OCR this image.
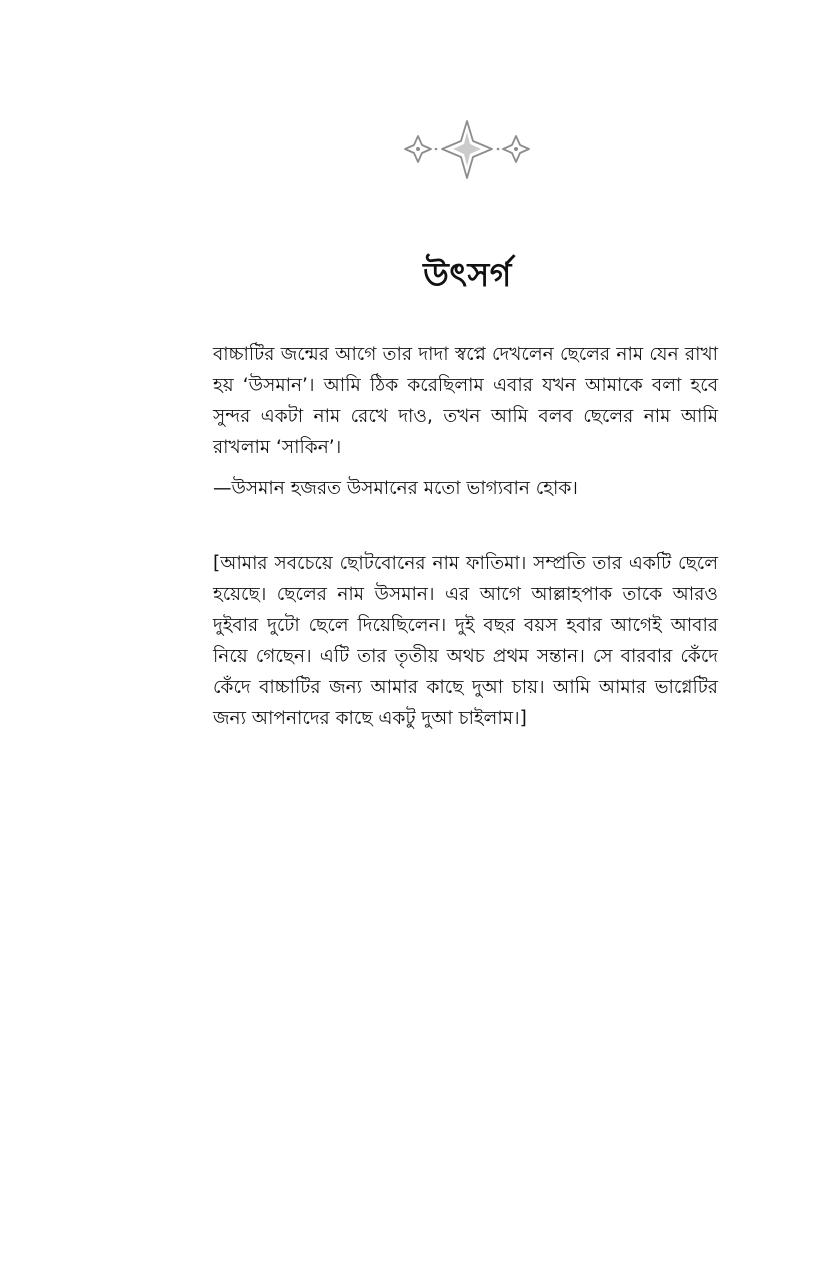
উৎসর্গ

বাচ্চাটির জন্মের আগে তার দাদা স্বপ্নে দেখলেন ছেলের নাম যেন রাখা হয় ‘উসমান’। আমি ঠিক করেছিলাম এবার যখন আমাকে বলা হবে সুন্দর একটা নাম রেখে দাও, তখন আমি বলব ছেলের নাম আমি রাখলাম ‘সাকিন’।

—উসমান হজরত উসমানের মতো ভাগ্যবান হোক।

[আমার সবচেয়ে ছোটবোনের নাম ফাতিমা। সম্প্রতি তার একটি ছেলে হয়েছে। ছেলের নাম উসমান। এর আগে আল্লাহপাক তাকে আরও দুইবার দুটো ছেলে দিয়েছিলেন। দুই বছর বয়স হবার আগেই আবার নিয়ে গেছেন। এটি তার তৃতীয় অথচ প্রথম সন্তান। সে বারবার কেঁদে কেঁদে বাচ্চাটির জন্য আমার কাছে দুআ চায়। আমি আমার ভাগ্নেটির জন্য আপনাদের কাছে একটু দুআ চাইলাম।]
